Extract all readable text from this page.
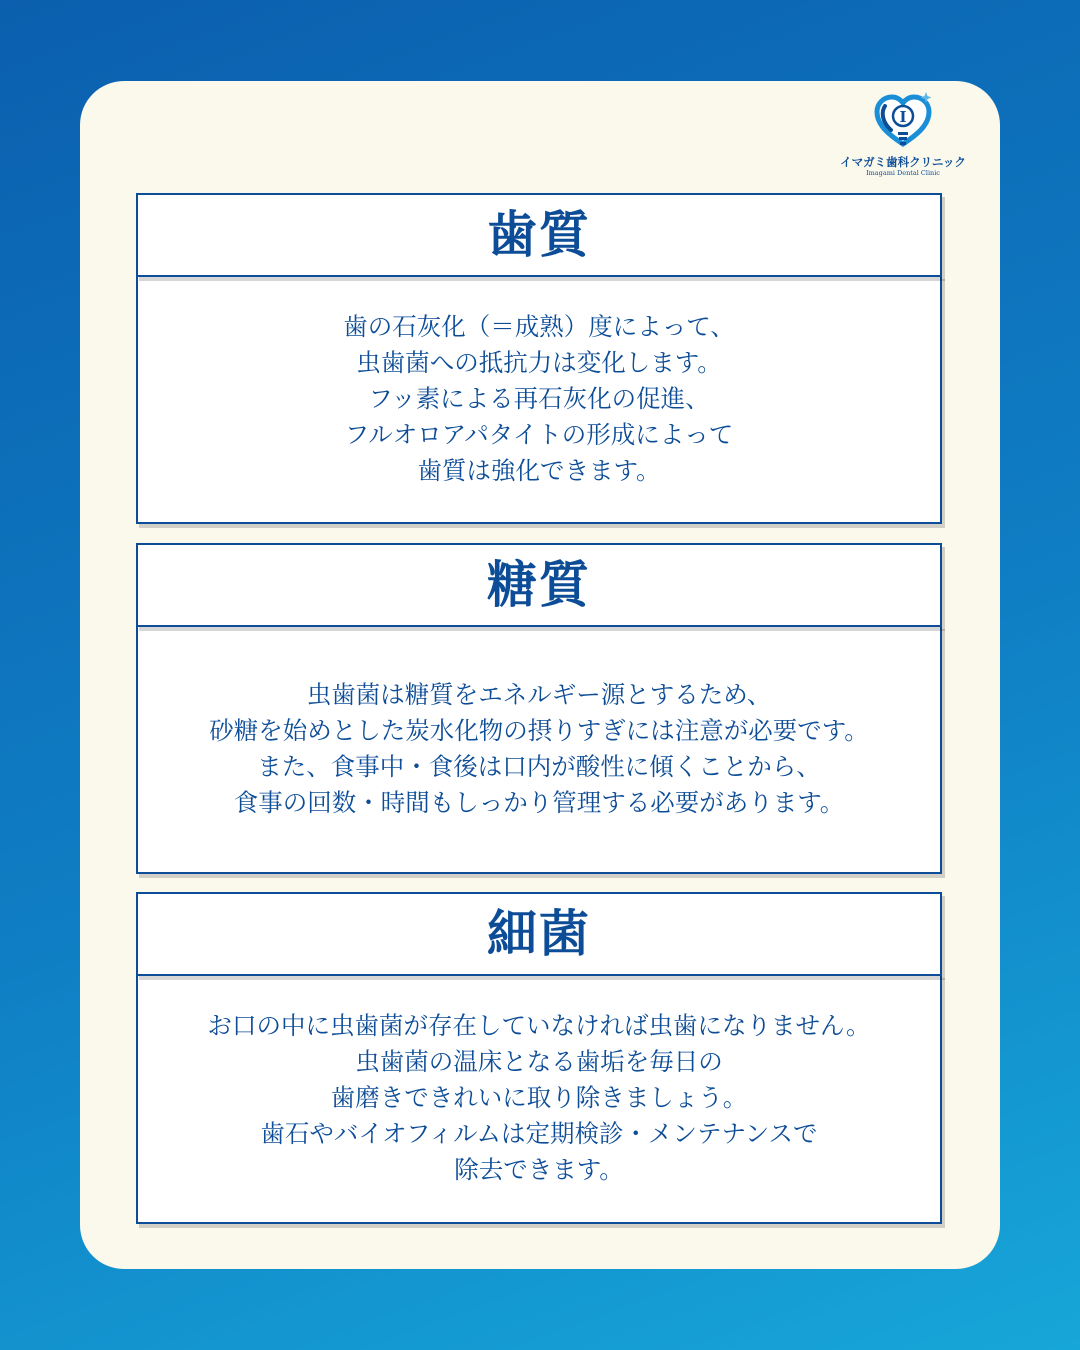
I
イマガミ歯科クリニック
Imagami Dental Clinic
歯質
歯の石灰化（＝成熟）度によって、
虫歯菌への抵抗力は変化します。
フッ素による再石灰化の促進、
フルオロアパタイトの形成によって
歯質は強化できます。
糖質
虫歯菌は糖質をエネルギー源とするため、
砂糖を始めとした炭水化物の摂りすぎには注意が必要です。
また、食事中・食後は口内が酸性に傾くことから、
食事の回数・時間もしっかり管理する必要があります。
細菌
お口の中に虫歯菌が存在していなければ虫歯になりません。
虫歯菌の温床となる歯垢を毎日の
歯磨きできれいに取り除きましょう。
歯石やバイオフィルムは定期検診・メンテナンスで
除去できます。
